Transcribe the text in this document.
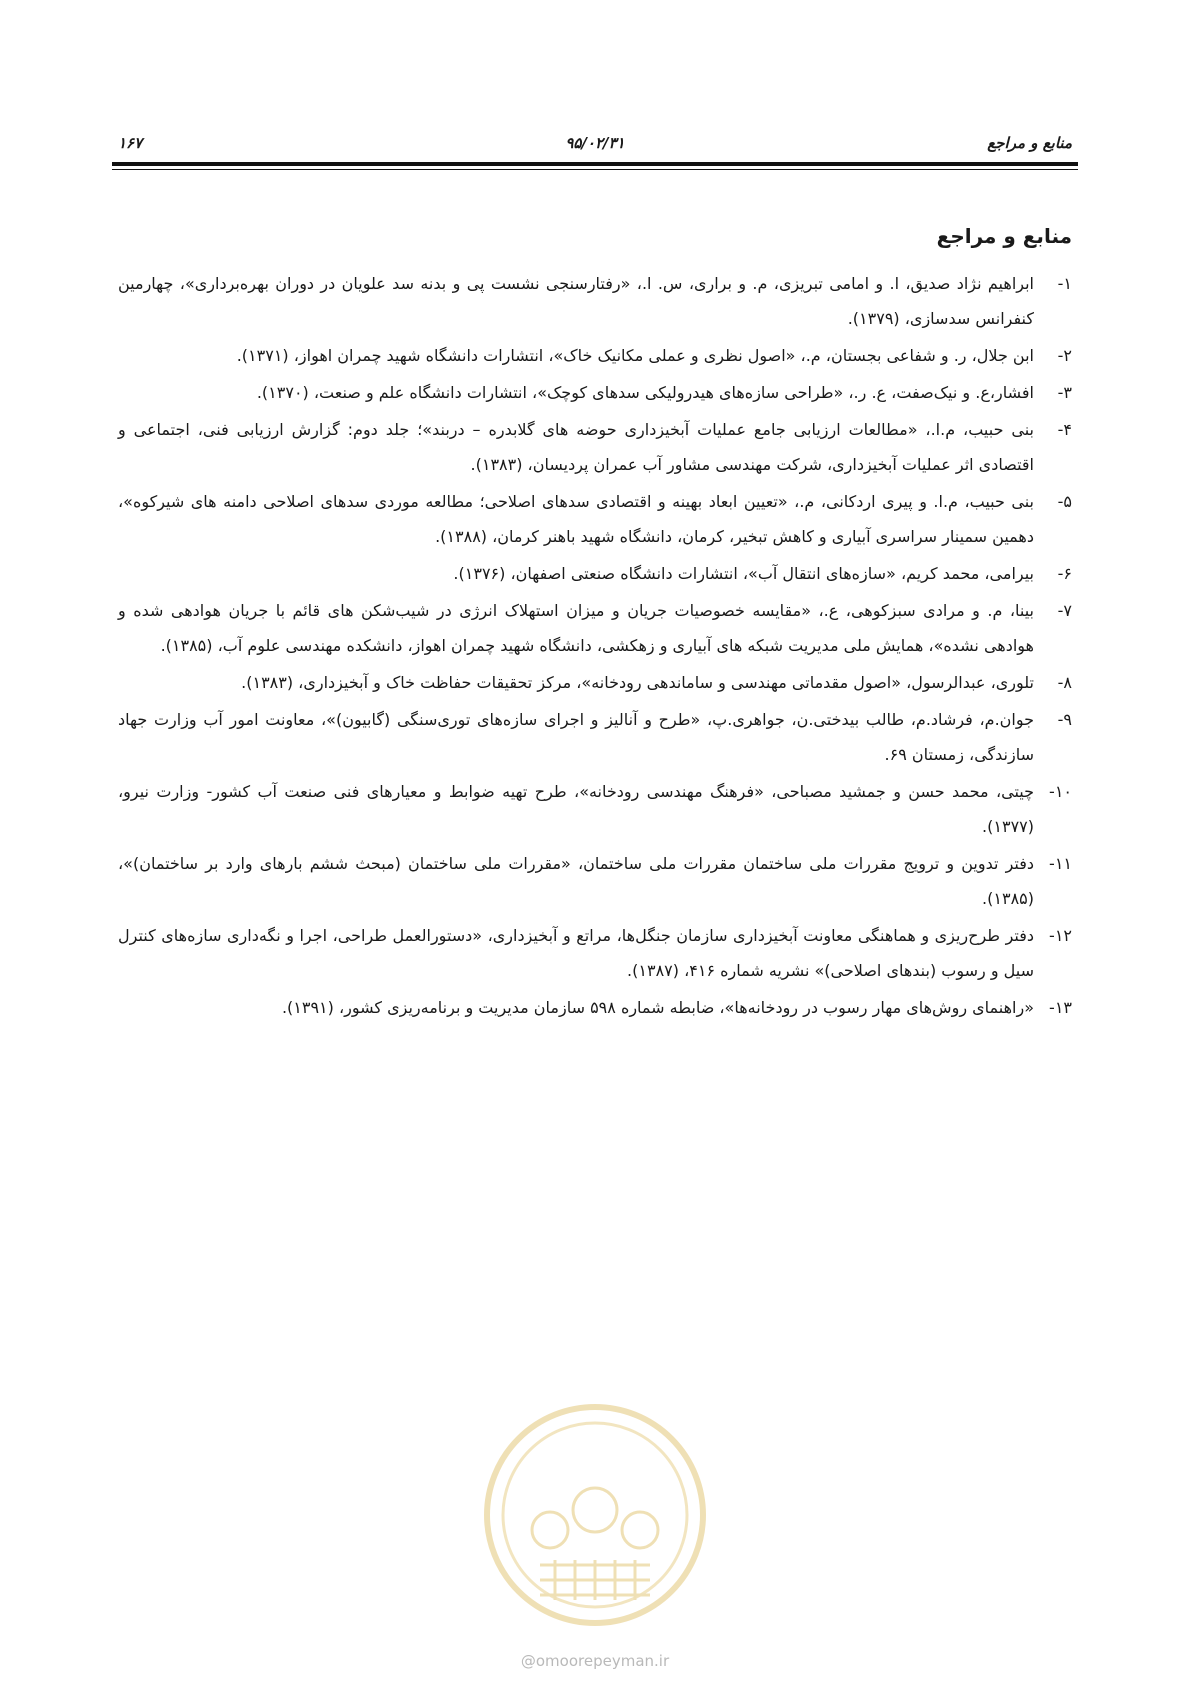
منابع و مراجع
۹۵/۰۲/۳۱
۱۶۷
منابع و مراجع
۱-
ابراهیم نژاد صدیق، ا. و امامی تبریزی، م. و براری، س. ا.، «رفتارسنجی نشست پی و بدنه سد علویان در دوران بهره‌برداری»، چهارمین کنفرانس سدسازی، (۱۳۷۹).
۲-
ابن جلال، ر. و شفاعی بجستان، م.، «اصول نظری و عملی مکانیک خاک»، انتشارات دانشگاه شهید چمران اهواز، (۱۳۷۱).
۳-
افشار،ع. و نیک‌صفت، ع. ر.، «طراحی سازه‌های هیدرولیکی سدهای کوچک»، انتشارات دانشگاه علم و صنعت، (۱۳۷۰).
۴-
بنی حبیب، م.ا.، «مطالعات ارزیابی جامع عملیات آبخیزداری حوضه های گلابدره – دربند»؛ جلد دوم: گزارش ارزیابی فنی، اجتماعی و اقتصادی اثر عملیات آبخیزداری، شرکت مهندسی مشاور آب عمران پردیسان، (۱۳۸۳).
۵-
بنی حبیب، م.ا. و پیری اردکانی، م.، «تعیین ابعاد بهینه و اقتصادی سدهای اصلاحی؛ مطالعه موردی سدهای اصلاحی دامنه های شیرکوه»، دهمین سمینار سراسری آبیاری و کاهش تبخیر، کرمان، دانشگاه شهید باهنر کرمان، (۱۳۸۸).
۶-
بیرامی، محمد کریم، «سازه‌های انتقال آب»، انتشارات دانشگاه صنعتی اصفهان، (۱۳۷۶).
۷-
بینا، م. و مرادی سبزکوهی، ع.، «مقایسه خصوصیات جریان و میزان استهلاک انرژی در شیب‌شکن های قائم با جریان هوادهی شده و هوادهی نشده»، همایش ملی مدیریت شبکه های آبیاری و زهکشی، دانشگاه شهید چمران اهواز، دانشکده مهندسی علوم آب، (۱۳۸۵).
۸-
تلوری، عبدالرسول، «اصول مقدماتی مهندسی و ساماندهی رودخانه»، مرکز تحقیقات حفاظت خاک و آبخیزداری، (۱۳۸۳).
۹-
جوان.م، فرشاد.م، طالب بیدختی.ن، جواهری.پ، «طرح و آنالیز و اجرای سازه‌های توری‌سنگی (گابیون)»، معاونت امور آب وزارت جهاد سازندگی، زمستان ۶۹.
۱۰-
چیتی، محمد حسن و جمشید مصباحی، «فرهنگ مهندسی رودخانه»، طرح تهیه ضوابط و معیارهای فنی صنعت آب کشور- وزارت نیرو، (۱۳۷۷).
۱۱-
دفتر تدوین و ترویج مقررات ملی ساختمان مقررات ملی ساختمان، «مقررات ملی ساختمان (مبحث ششم بارهای وارد بر ساختمان)»، (۱۳۸۵).
۱۲-
دفتر طرح‌ریزی و هماهنگی معاونت آبخیزداری سازمان جنگل‌ها، مراتع و آبخیزداری، «دستورالعمل طراحی، اجرا و نگه‌داری سازه‌های کنترل سیل و رسوب (بندهای اصلاحی)» نشریه شماره ۴۱۶، (۱۳۸۷).
۱۳-
«راهنمای روش‌های مهار رسوب در رودخانه‌ها»، ضابطه شماره ۵۹۸ سازمان مدیریت و برنامه‌ریزی کشور، (۱۳۹۱).
@omoorepeyman.ir
